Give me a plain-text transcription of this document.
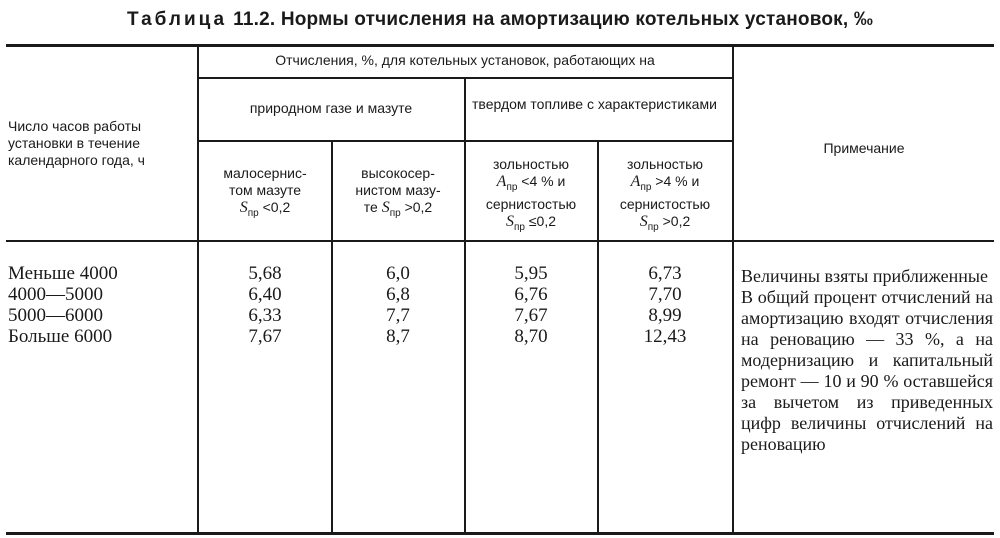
Таблица 11.2. Нормы отчисления на амортизацию котельных установок, ‰
Число часов работы установки в течение календарного года, ч
Отчисления, %, для котельных установок, работающих на
природном газе и мазуте	твердом топливе с характеристиками
малосернис-
том мазуте
$S_{пр} <0,2$
высокосер-
нистом мазу-
те $S_{пр} >0,2$
зольностью
$A_{пр} <4$ % и
сернистостью
$S_{пр} \le 0,2$
зольностью
$A_{пр} >4$ % и
сернистостью
$S_{пр} >0,2$
Примечание
Меньше 4000
4000—5000
5000—6000
Больше 6000
5,68
6,40
6,33
7,67
6,0
6,8
7,7
8,7
5,95
6,76
7,67
8,70
6,73
7,70
8,99
12,43

Величины взяты приближенные

В общий процент отчислений на амортизацию входят отчисления на реновацию — 33 %, а на модернизацию и капитальный ремонт — 10 и 90 % оставшейся за вычетом из приведенных цифр величины отчислений на реновацию
